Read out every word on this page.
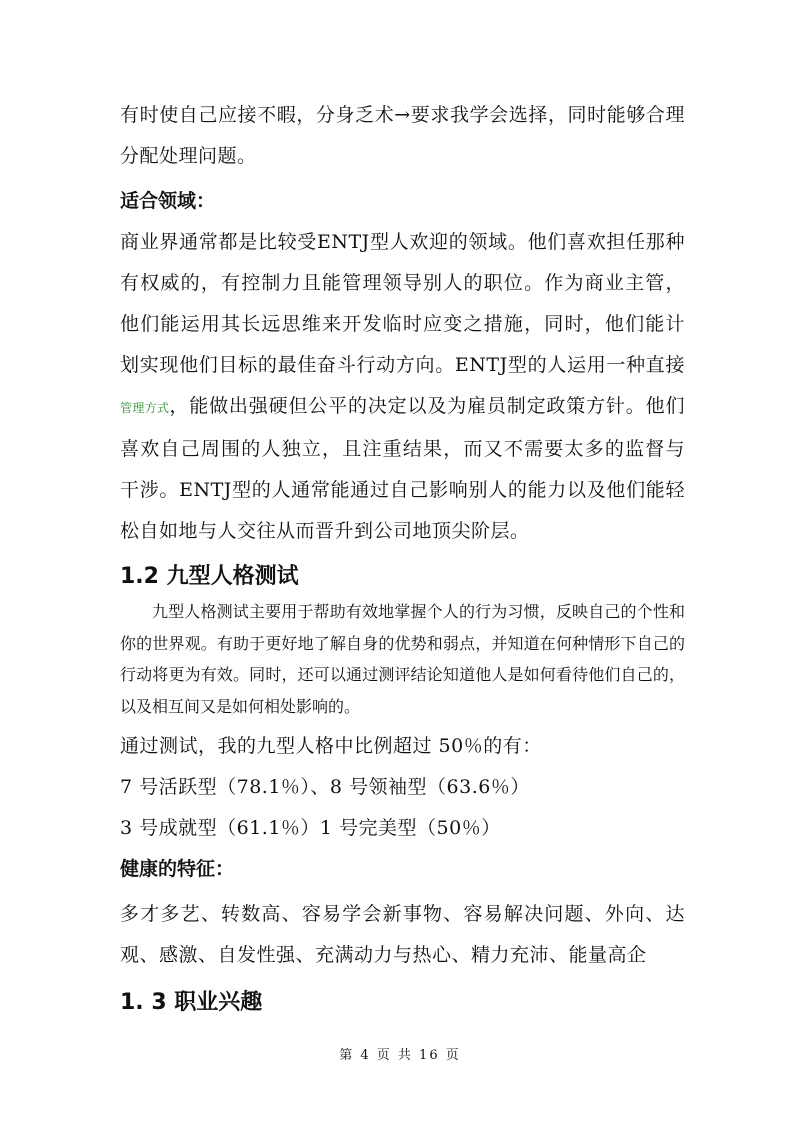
有时使自己应接不暇，分身乏术→要求我学会选择，同时能够合理分配处理问题。

适合领域：

商业界通常都是比较受ENTJ型人欢迎的领域。他们喜欢担任那种有权威的，有控制力且能管理领导别人的职位。作为商业主管，他们能运用其长远思维来开发临时应变之措施，同时，他们能计划实现他们目标的最佳奋斗行动方向。ENTJ型的人运用一种直接管理方式，能做出强硬但公平的决定以及为雇员制定政策方针。他们喜欢自己周围的人独立，且注重结果，而又不需要太多的监督与干涉。ENTJ型的人通常能通过自己影响别人的能力以及他们能轻松自如地与人交往从而晋升到公司地顶尖阶层。

1.2 九型人格测试

九型人格测试主要用于帮助有效地掌握个人的行为习惯，反映自己的个性和你的世界观。有助于更好地了解自身的优势和弱点，并知道在何种情形下自己的行动将更为有效。同时，还可以通过测评结论知道他人是如何看待他们自己的，以及相互间又是如何相处影响的。

通过测试，我的九型人格中比例超过 50％的有：

7 号活跃型（78.1％）、8 号领袖型（63.6％）

3 号成就型（61.1％）1 号完美型（50％）

健康的特征：

多才多艺、转数高、容易学会新事物、容易解决问题、外向、达观、感激、自发性强、充满动力与热心、精力充沛、能量高企

1. 3 职业兴趣

第 4 页 共 16 页
